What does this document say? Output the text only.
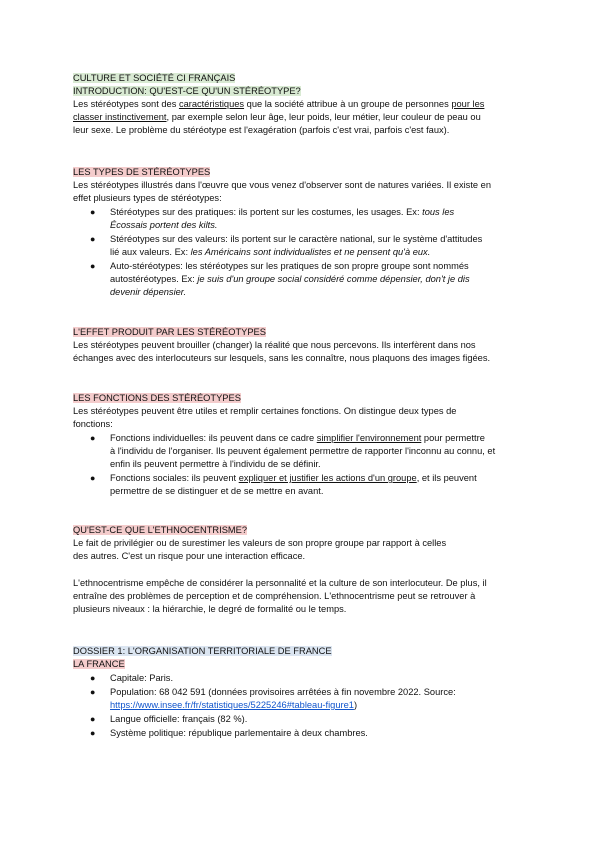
CULTURE ET SOCIÉTÉ CI FRANÇAIS
INTRODUCTION: QU'EST-CE QU'UN STÉRÉOTYPE?
Les stéréotypes sont des caractéristiques que la société attribue à un groupe de personnes pour les
classer instinctivement, par exemple selon leur âge, leur poids, leur métier, leur couleur de peau ou
leur sexe. Le problème du stéréotype est l'exagération (parfois c'est vrai, parfois c'est faux).
LES TYPES DE STÉRÉOTYPES
Les stéréotypes illustrés dans l'œuvre que vous venez d'observer sont de natures variées. Il existe en
effet plusieurs types de stéréotypes:
● Stéréotypes sur des pratiques: ils portent sur les costumes, les usages. Ex: tous les
Écossais portent des kilts.
● Stéréotypes sur des valeurs: ils portent sur le caractère national, sur le système d'attitudes
lié aux valeurs. Ex: les Américains sont individualistes et ne pensent qu'à eux.
● Auto-stéréotypes: les stéréotypes sur les pratiques de son propre groupe sont nommés
autostéréotypes. Ex: je suis d'un groupe social considéré comme dépensier, don't je dis
devenir dépensier.
L'EFFET PRODUIT PAR LES STÉRÉOTYPES
Les stéréotypes peuvent brouiller (changer) la réalité que nous percevons. Ils interfèrent dans nos
échanges avec des interlocuteurs sur lesquels, sans les connaître, nous plaquons des images figées.
LES FONCTIONS DES STÉRÉOTYPES
Les stéréotypes peuvent être utiles et remplir certaines fonctions. On distingue deux types de
fonctions:
● Fonctions individuelles: ils peuvent dans ce cadre simplifier l'environnement pour permettre
à l'individu de l'organiser. Ils peuvent également permettre de rapporter l'inconnu au connu, et
enfin ils peuvent permettre à l'individu de se définir.
● Fonctions sociales: ils peuvent expliquer et justifier les actions d'un groupe, et ils peuvent
permettre de se distinguer et de se mettre en avant.
QU'EST-CE QUE L'ETHNOCENTRISME?
Le fait de privilégier ou de surestimer les valeurs de son propre groupe par rapport à celles
des autres. C'est un risque pour une interaction efficace.
L'ethnocentrisme empêche de considérer la personnalité et la culture de son interlocuteur. De plus, il
entraîne des problèmes de perception et de compréhension. L'ethnocentrisme peut se retrouver à
plusieurs niveaux : la hiérarchie, le degré de formalité ou le temps.
DOSSIER 1: L'ORGANISATION TERRITORIALE DE FRANCE
LA FRANCE
● Capitale: Paris.
● Population: 68 042 591 (données provisoires arrêtées à fin novembre 2022. Source:
https://www.insee.fr/fr/statistiques/5225246#tableau-figure1)
● Langue officielle: français (82 %).
● Système politique: république parlementaire à deux chambres.
